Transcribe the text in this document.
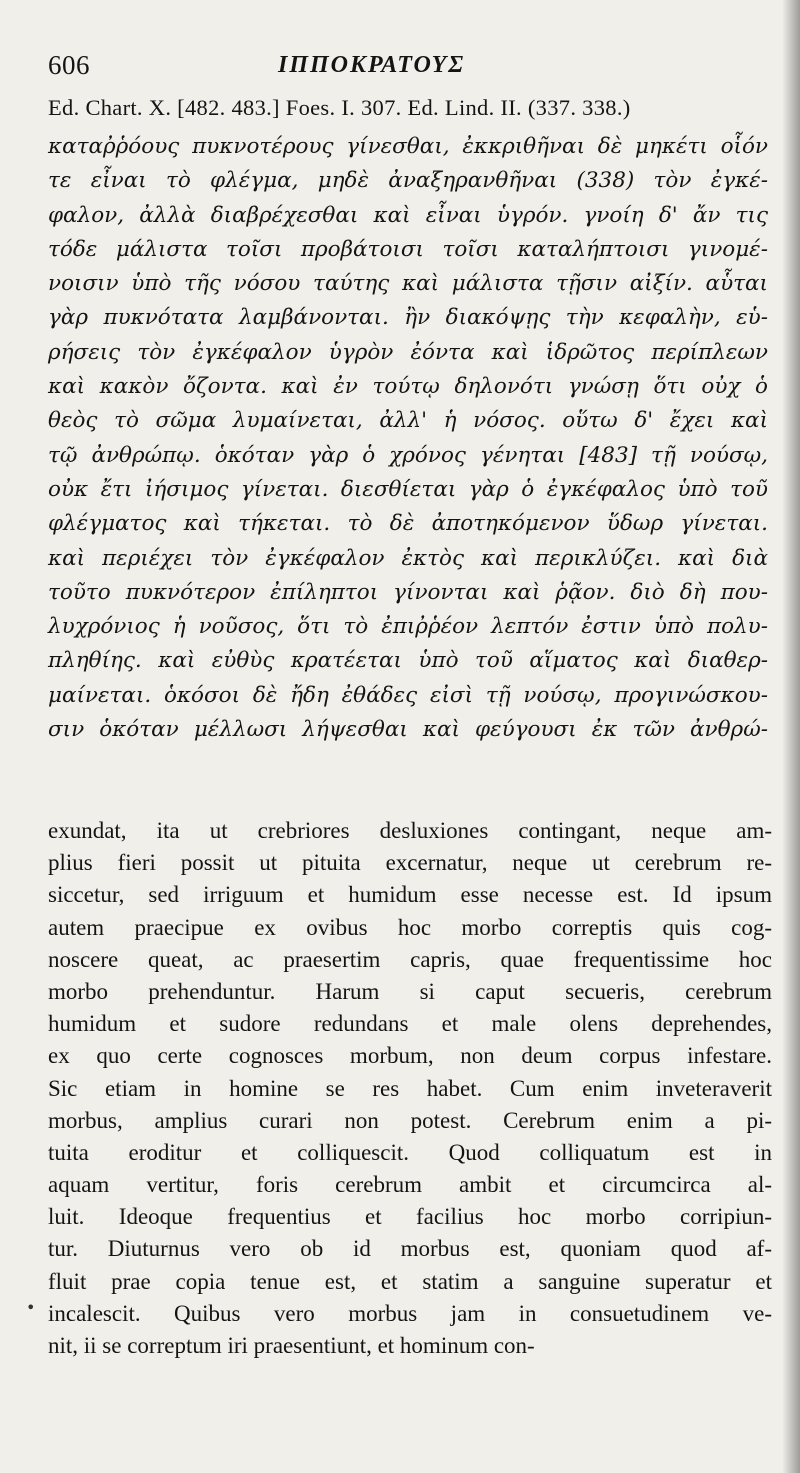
606	ΙΠΠΟΚΡΑΤΟΥΣ
Ed. Chart. X. [482. 483.] Foes. I. 307. Ed. Lind. II. (337. 338.)
καταῤῥόους πυκνοτέρους γίνεσθαι, ἐκκριθῆναι δὲ μηκέτι οἷόν
τε εἶναι τὸ φλέγμα, μηδὲ ἀναξηρανθῆναι (338) τὸν ἐγκέ-
φαλον, ἀλλὰ διαβρέχεσθαι καὶ εἶναι ὑγρόν. γνοίη δ' ἄν τις
τόδε μάλιστα τοῖσι προβάτοισι τοῖσι καταλήπτοισι γινομέ-
νοισιν ὑπὸ τῆς νόσου ταύτης καὶ μάλιστα τῇσιν αἰξίν. αὗται
γὰρ πυκνότατα λαμβάνονται. ἢν διακόψῃς τὴν κεφαλὴν, εὑ-
ρήσεις τὸν ἐγκέφαλον ὑγρὸν ἐόντα καὶ ἱδρῶτος περίπλεων
καὶ κακὸν ὄζοντα. καὶ ἐν τούτῳ δηλονότι γνώσῃ ὅτι οὐχ ὁ
θεὸς τὸ σῶμα λυμαίνεται, ἀλλ' ἡ νόσος. οὕτω δ' ἔχει καὶ
τῷ ἀνθρώπῳ. ὁκόταν γὰρ ὁ χρόνος γένηται [483] τῇ νούσῳ,
οὐκ ἔτι ἰήσιμος γίνεται. διεσθίεται γὰρ ὁ ἐγκέφαλος ὑπὸ τοῦ
φλέγματος καὶ τήκεται. τὸ δὲ ἀποτηκόμενον ὕδωρ γίνεται.
καὶ περιέχει τὸν ἐγκέφαλον ἐκτὸς καὶ περικλύζει. καὶ διὰ
τοῦτο πυκνότερον ἐπίληπτοι γίνονται καὶ ῥᾷον. διὸ δὴ που-
λυχρόνιος ἡ νοῦσος, ὅτι τὸ ἐπιῤῥέον λεπτόν ἐστιν ὑπὸ πολυ-
πληθίης. καὶ εὐθὺς κρατέεται ὑπὸ τοῦ αἵματος καὶ διαθερ-
μαίνεται. ὁκόσοι δὲ ἤδη ἐθάδες εἰσὶ τῇ νούσῳ, προγινώσκου-
σιν ὁκόταν μέλλωσι λήψεσθαι καὶ φεύγουσι ἐκ τῶν ἀνθρώ-
exundat, ita ut crebriores desluxiones contingant, neque am-
plius fieri possit ut pituita excernatur, neque ut cerebrum re-
siccetur, sed irriguum et humidum esse necesse est. Id ipsum
autem praecipue ex ovibus hoc morbo correptis quis cog-
noscere queat, ac praesertim capris, quae frequentissime hoc
morbo prehenduntur. Harum si caput secueris, cerebrum
humidum et sudore redundans et male olens deprehendes,
ex quo certe cognosces morbum, non deum corpus infestare.
Sic etiam in homine se res habet. Cum enim inveteraverit
morbus, amplius curari non potest. Cerebrum enim a pi-
tuita eroditur et colliquescit. Quod colliquatum est in
aquam vertitur, foris cerebrum ambit et circumcirca al-
luit. Ideoque frequentius et facilius hoc morbo corripiun-
tur. Diuturnus vero ob id morbus est, quoniam quod af-
fluit prae copia tenue est, et statim a sanguine superatur et
incalescit. Quibus vero morbus jam in consuetudinem ve-
nit, ii se correptum iri praesentiunt, et hominum con-
•
